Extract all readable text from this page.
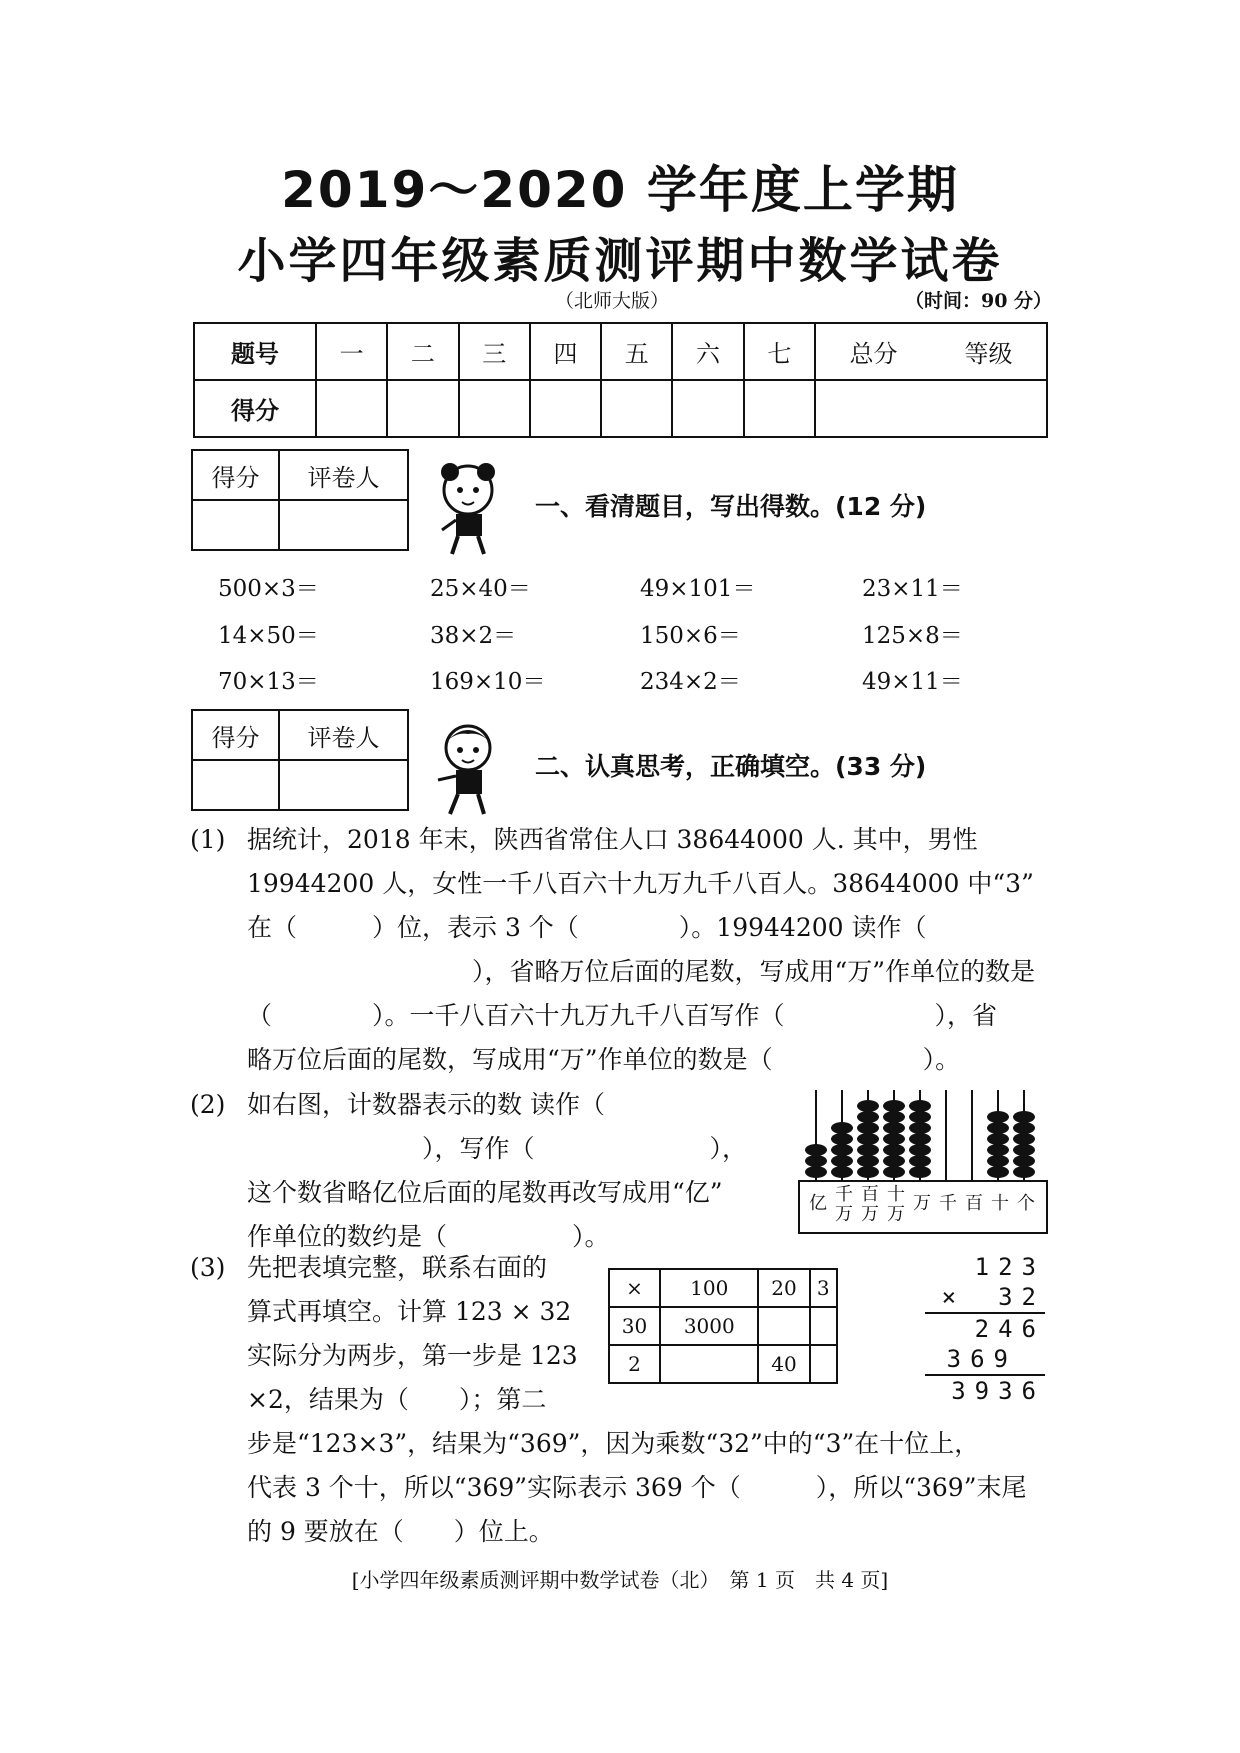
2019～2020 学年度上学期
小学四年级素质测评期中数学试卷
（北师大版）	（时间：90 分）
题号	一	二	三	四	五	六	七	总分	等级
得分									
得分	评卷人

一、看清题目，写出得数。(12 分)
500×3＝	25×40＝	49×101＝	23×11＝
14×50＝	38×2＝	150×6＝	125×8＝
70×13＝	169×10＝	234×2＝	49×11＝
得分	评卷人

二、认真思考，正确填空。(33 分)
(1) 据统计，2018 年末，陕西省常住人口 38644000 人. 其中，男性
19944200 人，女性一千八百六十九万九千八百人。38644000 中“3”
在（　　　）位，表示 3 个（　　　　）。19944200 读作（
　　　　　　　　　），省略万位后面的尾数，写成用“万”作单位的数是
（　　　　）。一千八百六十九万九千八百写作（　　　　　　），省
略万位后面的尾数，写成用“万”作单位的数是（　　　　　　）。
(2) 如右图，计数器表示的数 读作（
　　　　　　　），写作（　　　　　　　），
这个数省略亿位后面的尾数再改写成用“亿”
作单位的数约是（　　　　　）。
亿 千万
百万
十万
万 千 百 十 个
(3) 先把表填完整，联系右面的
算式再填空。计算 123 × 32
实际分为两步，第一步是 123
×2，结果为（　　）；第二
×	100	20	3
30	3000		
2		40	
123
×　32
246
369
3936
步是“123×3”，结果为“369”，因为乘数“32”中的“3”在十位上，
代表 3 个十，所以“369”实际表示 369 个（　　　），所以“369”末尾
的 9 要放在（　　）位上。
[小学四年级素质测评期中数学试卷（北）　第 1 页　共 4 页]
